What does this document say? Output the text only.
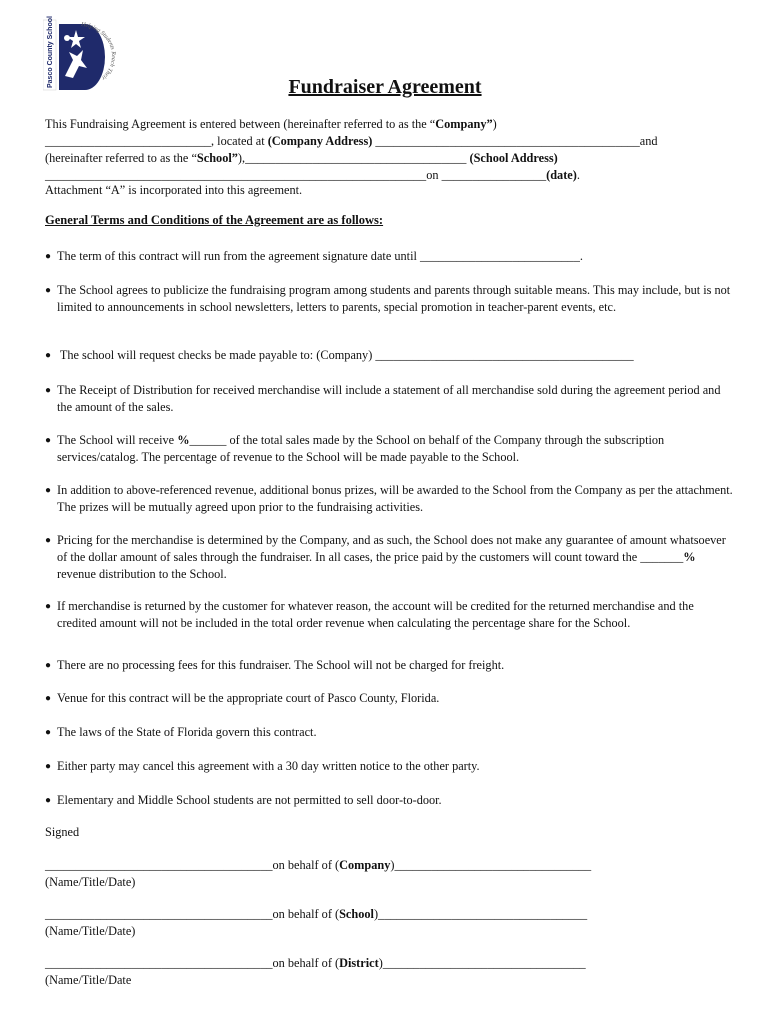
Pasco County Schools	Helping Students Reach Their	Fundraiser Agreement
This Fundraising Agreement is entered between (hereinafter referred to as the “Company”)
___________________________, located at (Company Address) ___________________________________________and
(hereinafter referred to as the “School”),____________________________________ (School Address)
______________________________________________________________on _________________(date).
Attachment “A” is incorporated into this agreement.
General Terms and Conditions of the Agreement are as follows:
● The term of this contract will run from the agreement signature date until __________________________.
● The School agrees to publicize the fundraising program among students and parents through suitable means. This may include, but is not limited to announcements in school newsletters, letters to parents, special promotion in teacher-parent events, etc.
● The school will request checks be made payable to: (Company) __________________________________________
● The Receipt of Distribution for received merchandise will include a statement of all merchandise sold during the agreement period and the amount of the sales.
● The School will receive %______ of the total sales made by the School on behalf of the Company through the subscription services/catalog. The percentage of revenue to the School will be made payable to the School.
● In addition to above-referenced revenue, additional bonus prizes, will be awarded to the School from the Company as per the attachment. The prizes will be mutually agreed upon prior to the fundraising activities.
● Pricing for the merchandise is determined by the Company, and as such, the School does not make any guarantee of amount whatsoever of the dollar amount of sales through the fundraiser. In all cases, the price paid by the customers will count toward the _______% revenue distribution to the School.
● If merchandise is returned by the customer for whatever reason, the account will be credited for the returned merchandise and the credited amount will not be included in the total order revenue when calculating the percentage share for the School.
● There are no processing fees for this fundraiser. The School will not be charged for freight.
● Venue for this contract will be the appropriate court of Pasco County, Florida.
● The laws of the State of Florida govern this contract.
● Either party may cancel this agreement with a 30 day written notice to the other party.
● Elementary and Middle School students are not permitted to sell door-to-door.
Signed
_____________________________________on behalf of (Company)________________________________
(Name/Title/Date)
_____________________________________on behalf of (School)__________________________________
(Name/Title/Date)
_____________________________________on behalf of (District)_________________________________
(Name/Title/Date
